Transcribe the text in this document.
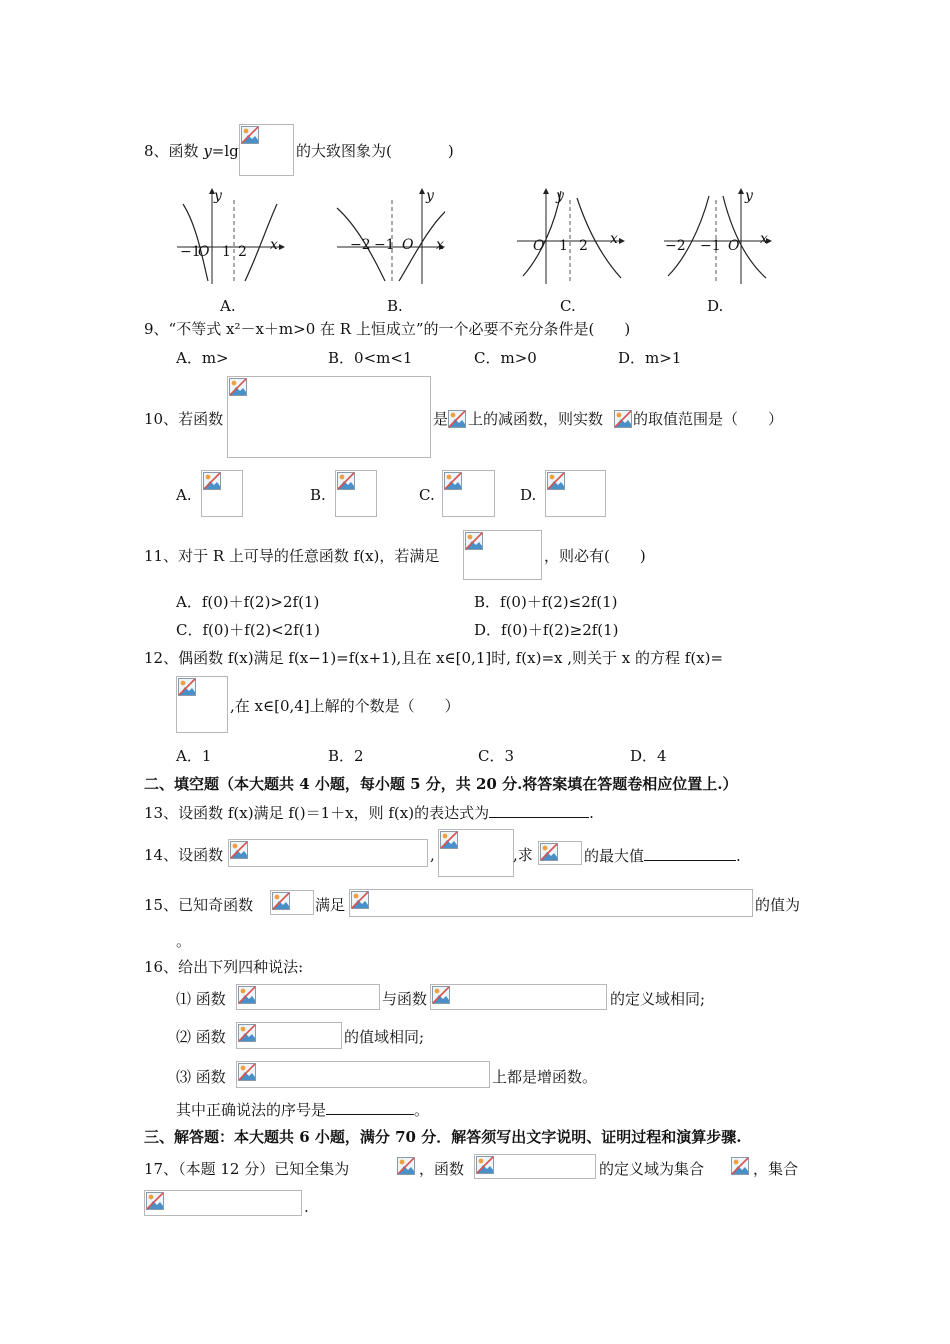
8、函数 y=lg	的大致图象为(	)
y
x
−1
O 1 2
A.
y
x
−2 −1 O
B.
y
x
O 1 2
C.
y
x
−2 −1 O
D.
9、“不等式 x²－x＋m>0 在 R 上恒成立”的一个必要不充分条件是(　　)
A．m>	B．0<m<1	C．m>0	D．m>1
10、若函数	是 上的减函数，则实数 的取值范围是（　　）
A.	B.	C.	D.
11、对于 R 上可导的任意函数 f(x)，若满足	，则必有(　　)
A．f(0)＋f(2)>2f(1)	B．f(0)＋f(2)≤2f(1)
C．f(0)＋f(2)<2f(1)	D．f(0)＋f(2)≥2f(1)
12、偶函数 f(x)满足 f(x−1)=f(x+1),且在 x∈[0,1]时, f(x)=x ,则关于 x 的方程 f(x)=
,在 x∈[0,4]上解的个数是（　　）
A．1	B．2	C．3	D．4
二、填空题（本大题共 4 小题，每小题 5 分，共 20 分.将答案填在答题卷相应位置上.）
13、设函数 f(x)满足 f()＝1＋x，则 f(x)的表达式为	.
14、设函数	,	,求	的最大值	.
15、已知奇函数	满足	的值为
。
16、给出下列四种说法:
⑴ 函数	与函数	的定义域相同;
⑵ 函数	的值域相同;
⑶ 函数	上都是增函数。
其中正确说法的序号是	。
三、解答题：本大题共 6 小题，满分 70 分．解答须写出文字说明、证明过程和演算步骤.
17、（本题 12 分）已知全集为	，函数	的定义域为集合	，集合
.
